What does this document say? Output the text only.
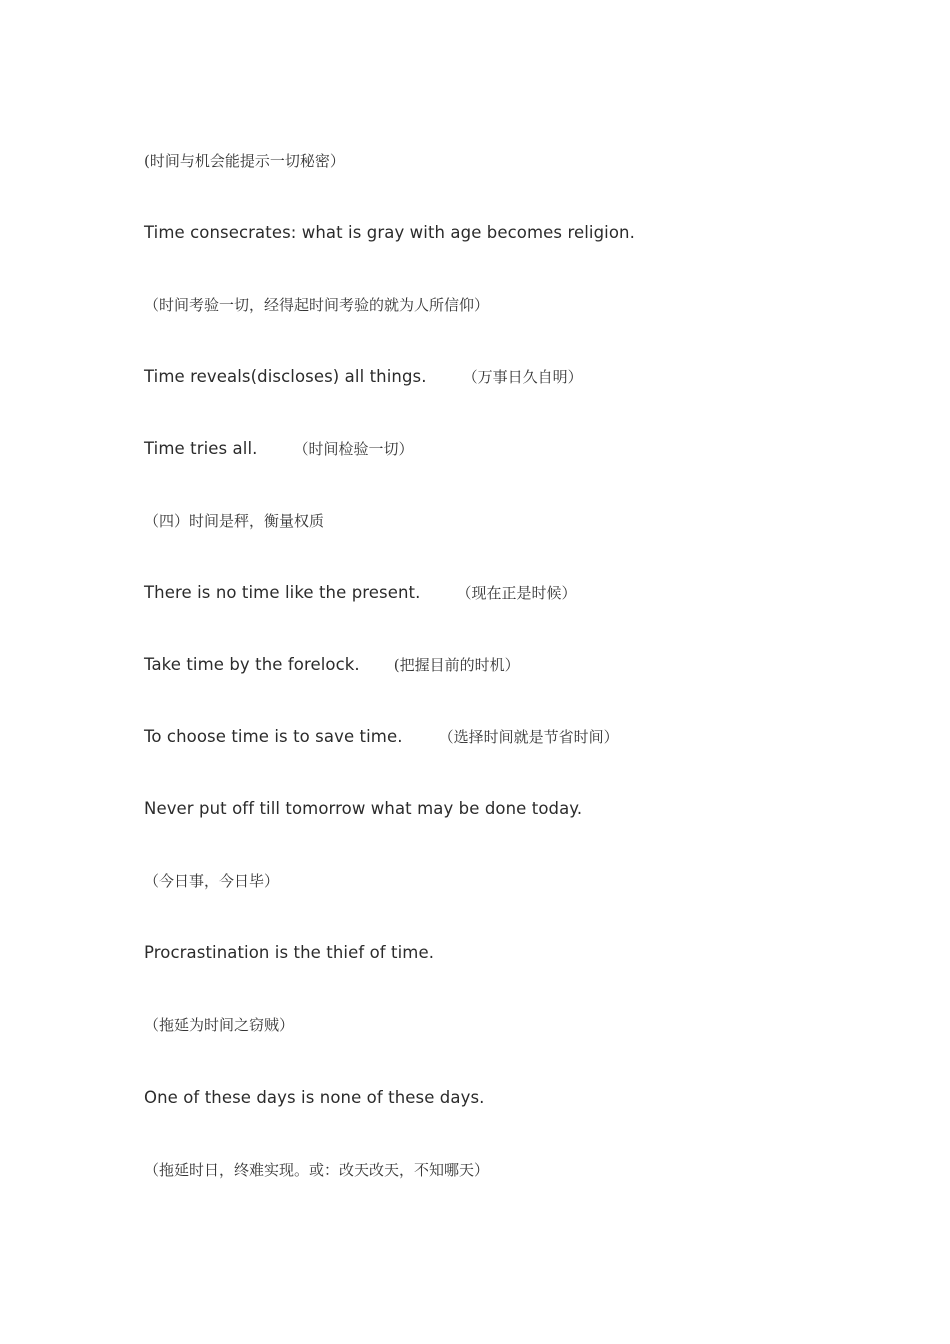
(时间与机会能提示一切秘密）
Time consecrates: what is gray with age becomes religion.
（时间考验一切，经得起时间考验的就为人所信仰）
Time reveals(discloses) all things. （万事日久自明）
Time tries all. （时间检验一切）
（四）时间是秤，衡量权质
There is no time like the present. （现在正是时候）
Take time by the forelock. (把握目前的时机）
To choose time is to save time. （选择时间就是节省时间）
Never put off till tomorrow what may be done today.
（今日事，今日毕）
Procrastination is the thief of time.
（拖延为时间之窃贼）
One of these days is none of these days.
（拖延时日，终难实现。或：改天改天，不知哪天）
